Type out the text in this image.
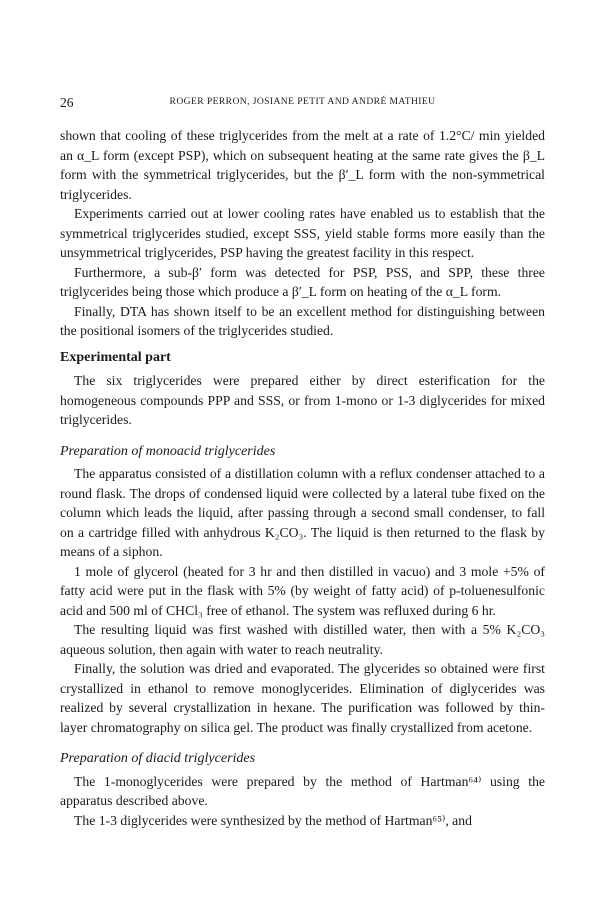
26	ROGER PERRON, JOSIANE PETIT AND ANDRÉ MATHIEU

shown that cooling of these triglycerides from the melt at a rate of 1.2°C/ min yielded an α_L form (except PSP), which on subsequent heating at the same rate gives the β_L form with the symmetrical triglycerides, but the β′_L form with the non-symmetrical triglycerides.

Experiments carried out at lower cooling rates have enabled us to establish that the symmetrical triglycerides studied, except SSS, yield stable forms more easily than the unsymmetrical triglycerides, PSP having the greatest facility in this respect.

Furthermore, a sub-β′ form was detected for PSP, PSS, and SPP, these three triglycerides being those which produce a β′_L form on heating of the α_L form.

Finally, DTA has shown itself to be an excellent method for distinguishing between the positional isomers of the triglycerides studied.

Experimental part

The six triglycerides were prepared either by direct esterification for the homogeneous compounds PPP and SSS, or from 1-mono or 1-3 diglycerides for mixed triglycerides.

Preparation of monoacid triglycerides

The apparatus consisted of a distillation column with a reflux condenser attached to a round flask. The drops of condensed liquid were collected by a lateral tube fixed on the column which leads the liquid, after passing through a second small condenser, to fall on a cartridge filled with anhydrous K₂CO₃. The liquid is then returned to the flask by means of a siphon.

1 mole of glycerol (heated for 3 hr and then distilled in vacuo) and 3 mole +5% of fatty acid were put in the flask with 5% (by weight of fatty acid) of p-toluenesulfonic acid and 500 ml of CHCl₃ free of ethanol. The system was refluxed during 6 hr.

The resulting liquid was first washed with distilled water, then with a 5% K₂CO₃ aqueous solution, then again with water to reach neutrality.

Finally, the solution was dried and evaporated. The glycerides so obtained were first crystallized in ethanol to remove monoglycerides. Elimination of diglycerides was realized by several crystallization in hexane. The purification was followed by thin-layer chromatography on silica gel. The product was finally crystallized from acetone.

Preparation of diacid triglycerides

The 1-monoglycerides were prepared by the method of Hartman⁶⁴⁾ using the apparatus described above.

The 1-3 diglycerides were synthesized by the method of Hartman⁶⁵⁾, and
